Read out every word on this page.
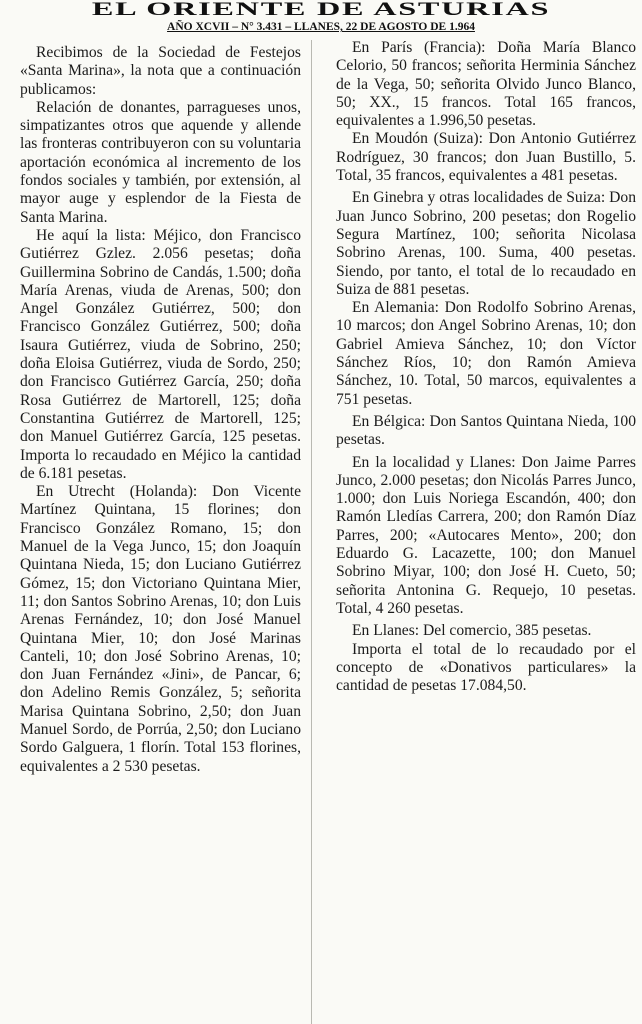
EL ORIENTE DE ASTURIAS
AÑO XCVII – N° 3.431 – LLANES, 22 DE AGOSTO DE 1.964

Recibimos de la Sociedad de Festejos «Santa Marina», la nota que a continuación publicamos:

Relación de donantes, parragueses unos, simpatizantes otros que aquende y allende las fronteras contribuyeron con su voluntaria aportación económica al incremento de los fondos sociales y también, por extensión, al mayor auge y esplendor de la Fiesta de Santa Marina.

He aquí la lista: Méjico, don Francisco Gutiérrez Gzlez. 2.056 pesetas; doña Guillermina Sobrino de Candás, 1.500; doña María Arenas, viuda de Arenas, 500; don Angel González Gutiérrez, 500; don Francisco González Gutiérrez, 500; doña Isaura Gutiérrez, viuda de Sobrino, 250; doña Eloisa Gutiérrez, viuda de Sordo, 250; don Francisco Gutiérrez García, 250; doña Rosa Gutiérrez de Martorell, 125; doña Constantina Gutiérrez de Martorell, 125; don Manuel Gutiérrez García, 125 pesetas. Importa lo recaudado en Méjico la cantidad de 6.181 pesetas.

En Utrecht (Holanda): Don Vicente Martínez Quintana, 15 florines; don Francisco González Romano, 15; don Manuel de la Vega Junco, 15; don Joaquín Quintana Nieda, 15; don Luciano Gutiérrez Gómez, 15; don Victoriano Quintana Mier, 11; don Santos Sobrino Arenas, 10; don Luis Arenas Fernández, 10; don José Manuel Quintana Mier, 10; don José Marinas Canteli, 10; don José Sobrino Arenas, 10; don Juan Fernández «Jini», de Pancar, 6; don Adelino Remis González, 5; señorita Marisa Quintana Sobrino, 2,50; don Juan Manuel Sordo, de Porrúa, 2,50; don Luciano Sordo Galguera, 1 florín. Total 153 florines, equivalentes a 2 530 pesetas.

En París (Francia): Doña María Blanco Celorio, 50 francos; señorita Herminia Sánchez de la Vega, 50; señorita Olvido Junco Blanco, 50; XX., 15 francos. Total 165 francos, equivalentes a 1.996,50 pesetas.

En Moudón (Suiza): Don Antonio Gutiérrez Rodríguez, 30 francos; don Juan Bustillo, 5. Total, 35 francos, equivalentes a 481 pesetas.

En Ginebra y otras localidades de Suiza: Don Juan Junco Sobrino, 200 pesetas; don Rogelio Segura Martínez, 100; señorita Nicolasa Sobrino Arenas, 100. Suma, 400 pesetas. Siendo, por tanto, el total de lo recaudado en Suiza de 881 pesetas.

En Alemania: Don Rodolfo Sobrino Arenas, 10 marcos; don Angel Sobrino Arenas, 10; don Gabriel Amieva Sánchez, 10; don Víctor Sánchez Ríos, 10; don Ramón Amieva Sánchez, 10. Total, 50 marcos, equivalentes a 751 pesetas.

En Bélgica: Don Santos Quintana Nieda, 100 pesetas.

En la localidad y Llanes: Don Jaime Parres Junco, 2.000 pesetas; don Nicolás Parres Junco, 1.000; don Luis Noriega Escandón, 400; don Ramón Lledías Carrera, 200; don Ramón Díaz Parres, 200; «Autocares Mento», 200; don Eduardo G. Lacazette, 100; don Manuel Sobrino Miyar, 100; don José H. Cueto, 50; señorita Antonina G. Requejo, 10 pesetas. Total, 4 260 pesetas.

En Llanes: Del comercio, 385 pesetas.

Importa el total de lo recaudado por el concepto de «Donativos particulares» la cantidad de pesetas 17.084,50.
